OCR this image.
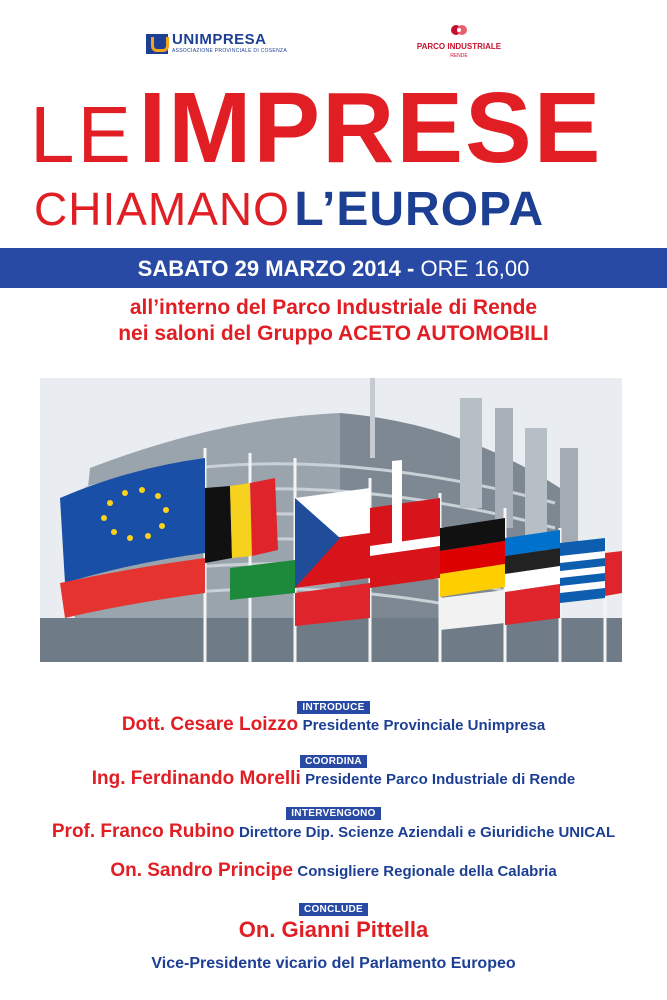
UNIMPRESA
ASSOCIAZIONE PROVINCIALE DI COSENZA	PARCO INDUSTRIALE
RENDE
LE IMPRESE
CHIAMANO L’EUROPA
SABATO 29 MARZO 2014 - ORE 16,00
all’interno del Parco Industriale di Rende
nei saloni del Gruppo ACETO AUTOMOBILI
INTRODUCE
Dott. Cesare Loizzo Presidente Provinciale Unimpresa
COORDINA
Ing. Ferdinando Morelli Presidente Parco Industriale di Rende
INTERVENGONO
Prof. Franco Rubino Direttore Dip. Scienze Aziendali e Giuridiche UNICAL
On. Sandro Principe Consigliere Regionale della Calabria
CONCLUDE
On. Gianni Pittella
Vice-Presidente vicario del Parlamento Europeo
